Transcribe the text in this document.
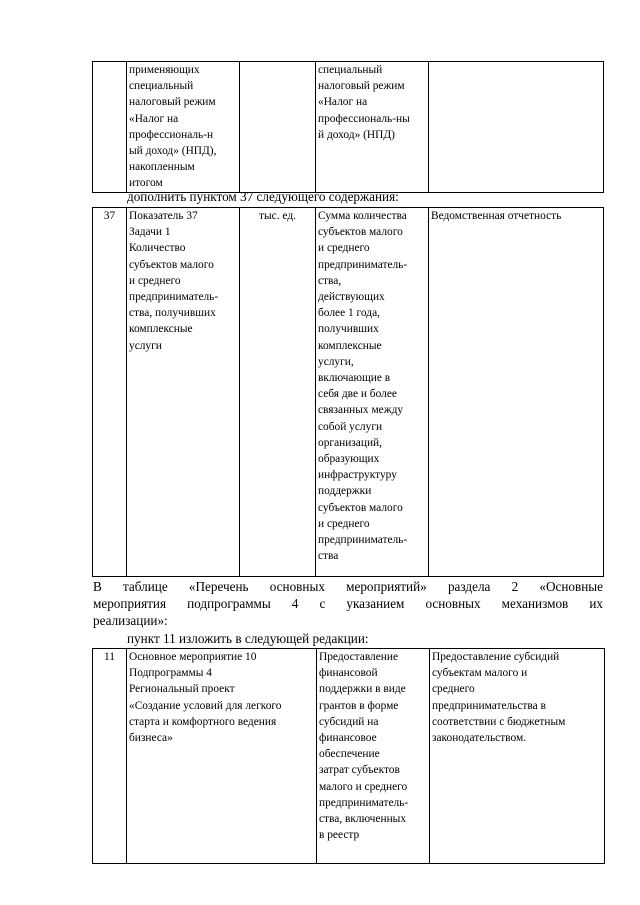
	применяющих
специальный
налоговый режим
«Налог на
профессиональ-н
ый доход» (НПД),
накопленным
итогом		специальный
налоговый режим
«Налог на
профессиональ-ны
й доход» (НПД)	
дополнить пунктом 37 следующего содержания:
37	Показатель 37
Задачи 1
Количество
субъектов малого
и среднего
предприниматель-
ства, получивших
комплексные
услуги	тыс. ед.	Сумма количества
субъектов малого
и среднего
предприниматель-
ства,
действующих
более 1 года,
получивших
комплексные
услуги,
включающие в
себя две и более
связанных между
собой услуги
организаций,
образующих
инфраструктуру
поддержки
субъектов малого
и среднего
предприниматель-
ства	Ведомственная отчетность
В таблице «Перечень основных мероприятий» раздела 2 «Основные
мероприятия подпрограммы 4 с указанием основных механизмов их
реализации»:
пункт 11 изложить в следующей редакции:
11	Основное мероприятие 10
Подпрограммы 4
Региональный проект
«Создание условий для легкого
старта и комфортного ведения
бизнеса»	Предоставление
финансовой
поддержки в виде
грантов в форме
субсидий на
финансовое
обеспечение
затрат субъектов
малого и среднего
предприниматель-
ства, включенных
в реестр	Предоставление субсидий
субъектам малого и
среднего
предпринимательства в
соответствии с бюджетным
законодательством.
